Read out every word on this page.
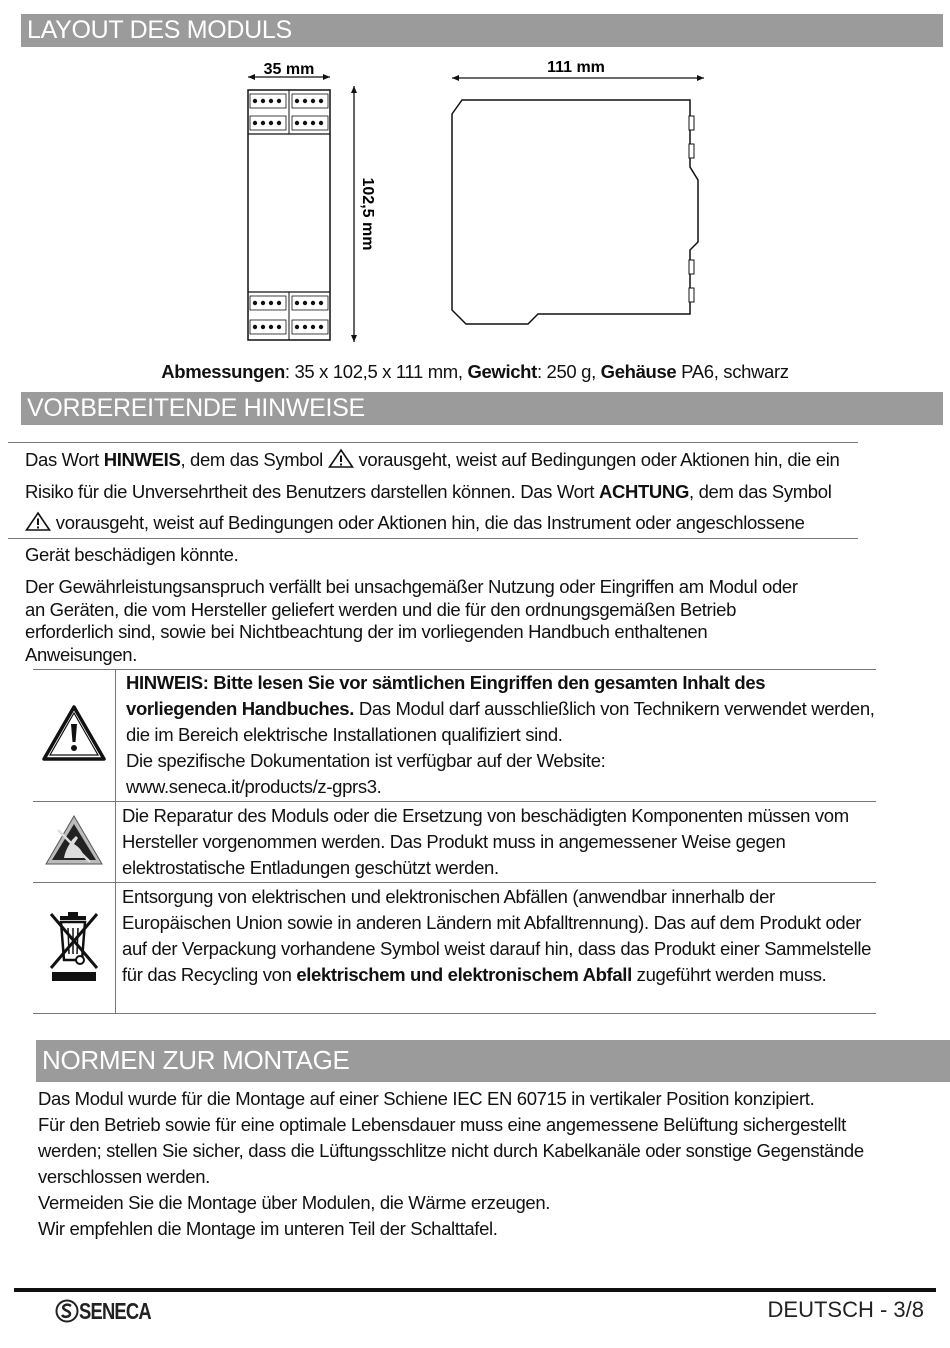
LAYOUT DES MODULS
35 mm
102,5 mm
111 mm
Abmessungen: 35 x 102,5 x 111 mm, Gewicht: 250 g, Gehäuse PA6, schwarz
VORBEREITENDE HINWEISE
Das Wort HINWEIS, dem das Symbol  vorausgeht, weist auf Bedingungen oder Aktionen hin, die ein
Risiko für die Unversehrtheit des Benutzers darstellen können. Das Wort ACHTUNG, dem das Symbol
vorausgeht, weist auf Bedingungen oder Aktionen hin, die das Instrument oder angeschlossene
Gerät beschädigen könnte.
Der Gewährleistungsanspruch verfällt bei unsachgemäßer Nutzung oder Eingriffen am Modul oder
an Geräten, die vom Hersteller geliefert werden und die für den ordnungsgemäßen Betrieb
erforderlich sind, sowie bei Nichtbeachtung der im vorliegenden Handbuch enthaltenen
Anweisungen.

HINWEIS: Bitte lesen Sie vor sämtlichen Eingriffen den gesamten Inhalt des vorliegenden Handbuches. Das Modul darf ausschließlich von Technikern verwendet werden, die im Bereich elektrische Installationen qualifiziert sind.
Die spezifische Dokumentation ist verfügbar auf der Website:
www.seneca.it/products/z-gprs3.

	Die Reparatur des Moduls oder die Ersetzung von beschädigten Komponenten müssen vom Hersteller vorgenommen werden. Das Produkt muss in angemessener Weise gegen elektrostatische Entladungen geschützt werden.
	Entsorgung von elektrischen und elektronischen Abfällen (anwendbar innerhalb der Europäischen Union sowie in anderen Ländern mit Abfalltrennung). Das auf dem Produkt oder auf der Verpackung vorhandene Symbol weist darauf hin, dass das Produkt einer Sammelstelle für das Recycling von elektrischem und elektronischem Abfall zugeführt werden muss.
NORMEN ZUR MONTAGE
Das Modul wurde für die Montage auf einer Schiene IEC EN 60715 in vertikaler Position konzipiert.
Für den Betrieb sowie für eine optimale Lebensdauer muss eine angemessene Belüftung sichergestellt
werden; stellen Sie sicher, dass die Lüftungsschlitze nicht durch Kabelkanäle oder sonstige Gegenstände
verschlossen werden.
Vermeiden Sie die Montage über Modulen, die Wärme erzeugen.
Wir empfehlen die Montage im unteren Teil der Schalttafel.
SENECA	DEUTSCH - 3/8
